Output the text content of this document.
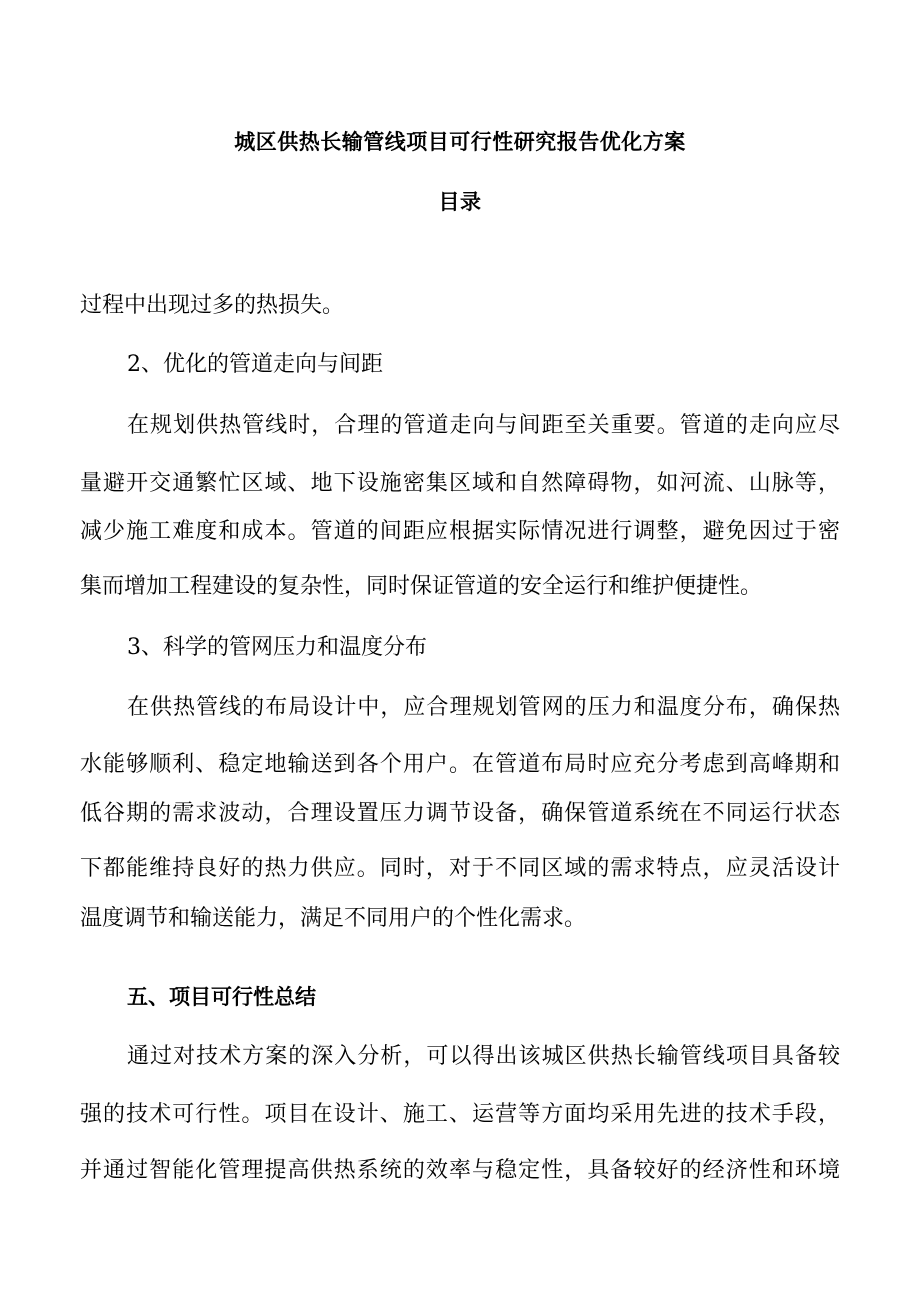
城区供热长输管线项目可行性研究报告优化方案
目录
过程中出现过多的热损失。
2、优化的管道走向与间距
在规划供热管线时，合理的管道走向与间距至关重要。管道的走向应尽
量避开交通繁忙区域、地下设施密集区域和自然障碍物，如河流、山脉等，
减少施工难度和成本。管道的间距应根据实际情况进行调整，避免因过于密
集而增加工程建设的复杂性，同时保证管道的安全运行和维护便捷性。
3、科学的管网压力和温度分布
在供热管线的布局设计中，应合理规划管网的压力和温度分布，确保热
水能够顺利、稳定地输送到各个用户。在管道布局时应充分考虑到高峰期和
低谷期的需求波动，合理设置压力调节设备，确保管道系统在不同运行状态
下都能维持良好的热力供应。同时，对于不同区域的需求特点，应灵活设计
温度调节和输送能力，满足不同用户的个性化需求。
五、项目可行性总结
通过对技术方案的深入分析，可以得出该城区供热长输管线项目具备较
强的技术可行性。项目在设计、施工、运营等方面均采用先进的技术手段，
并通过智能化管理提高供热系统的效率与稳定性，具备较好的经济性和环境
